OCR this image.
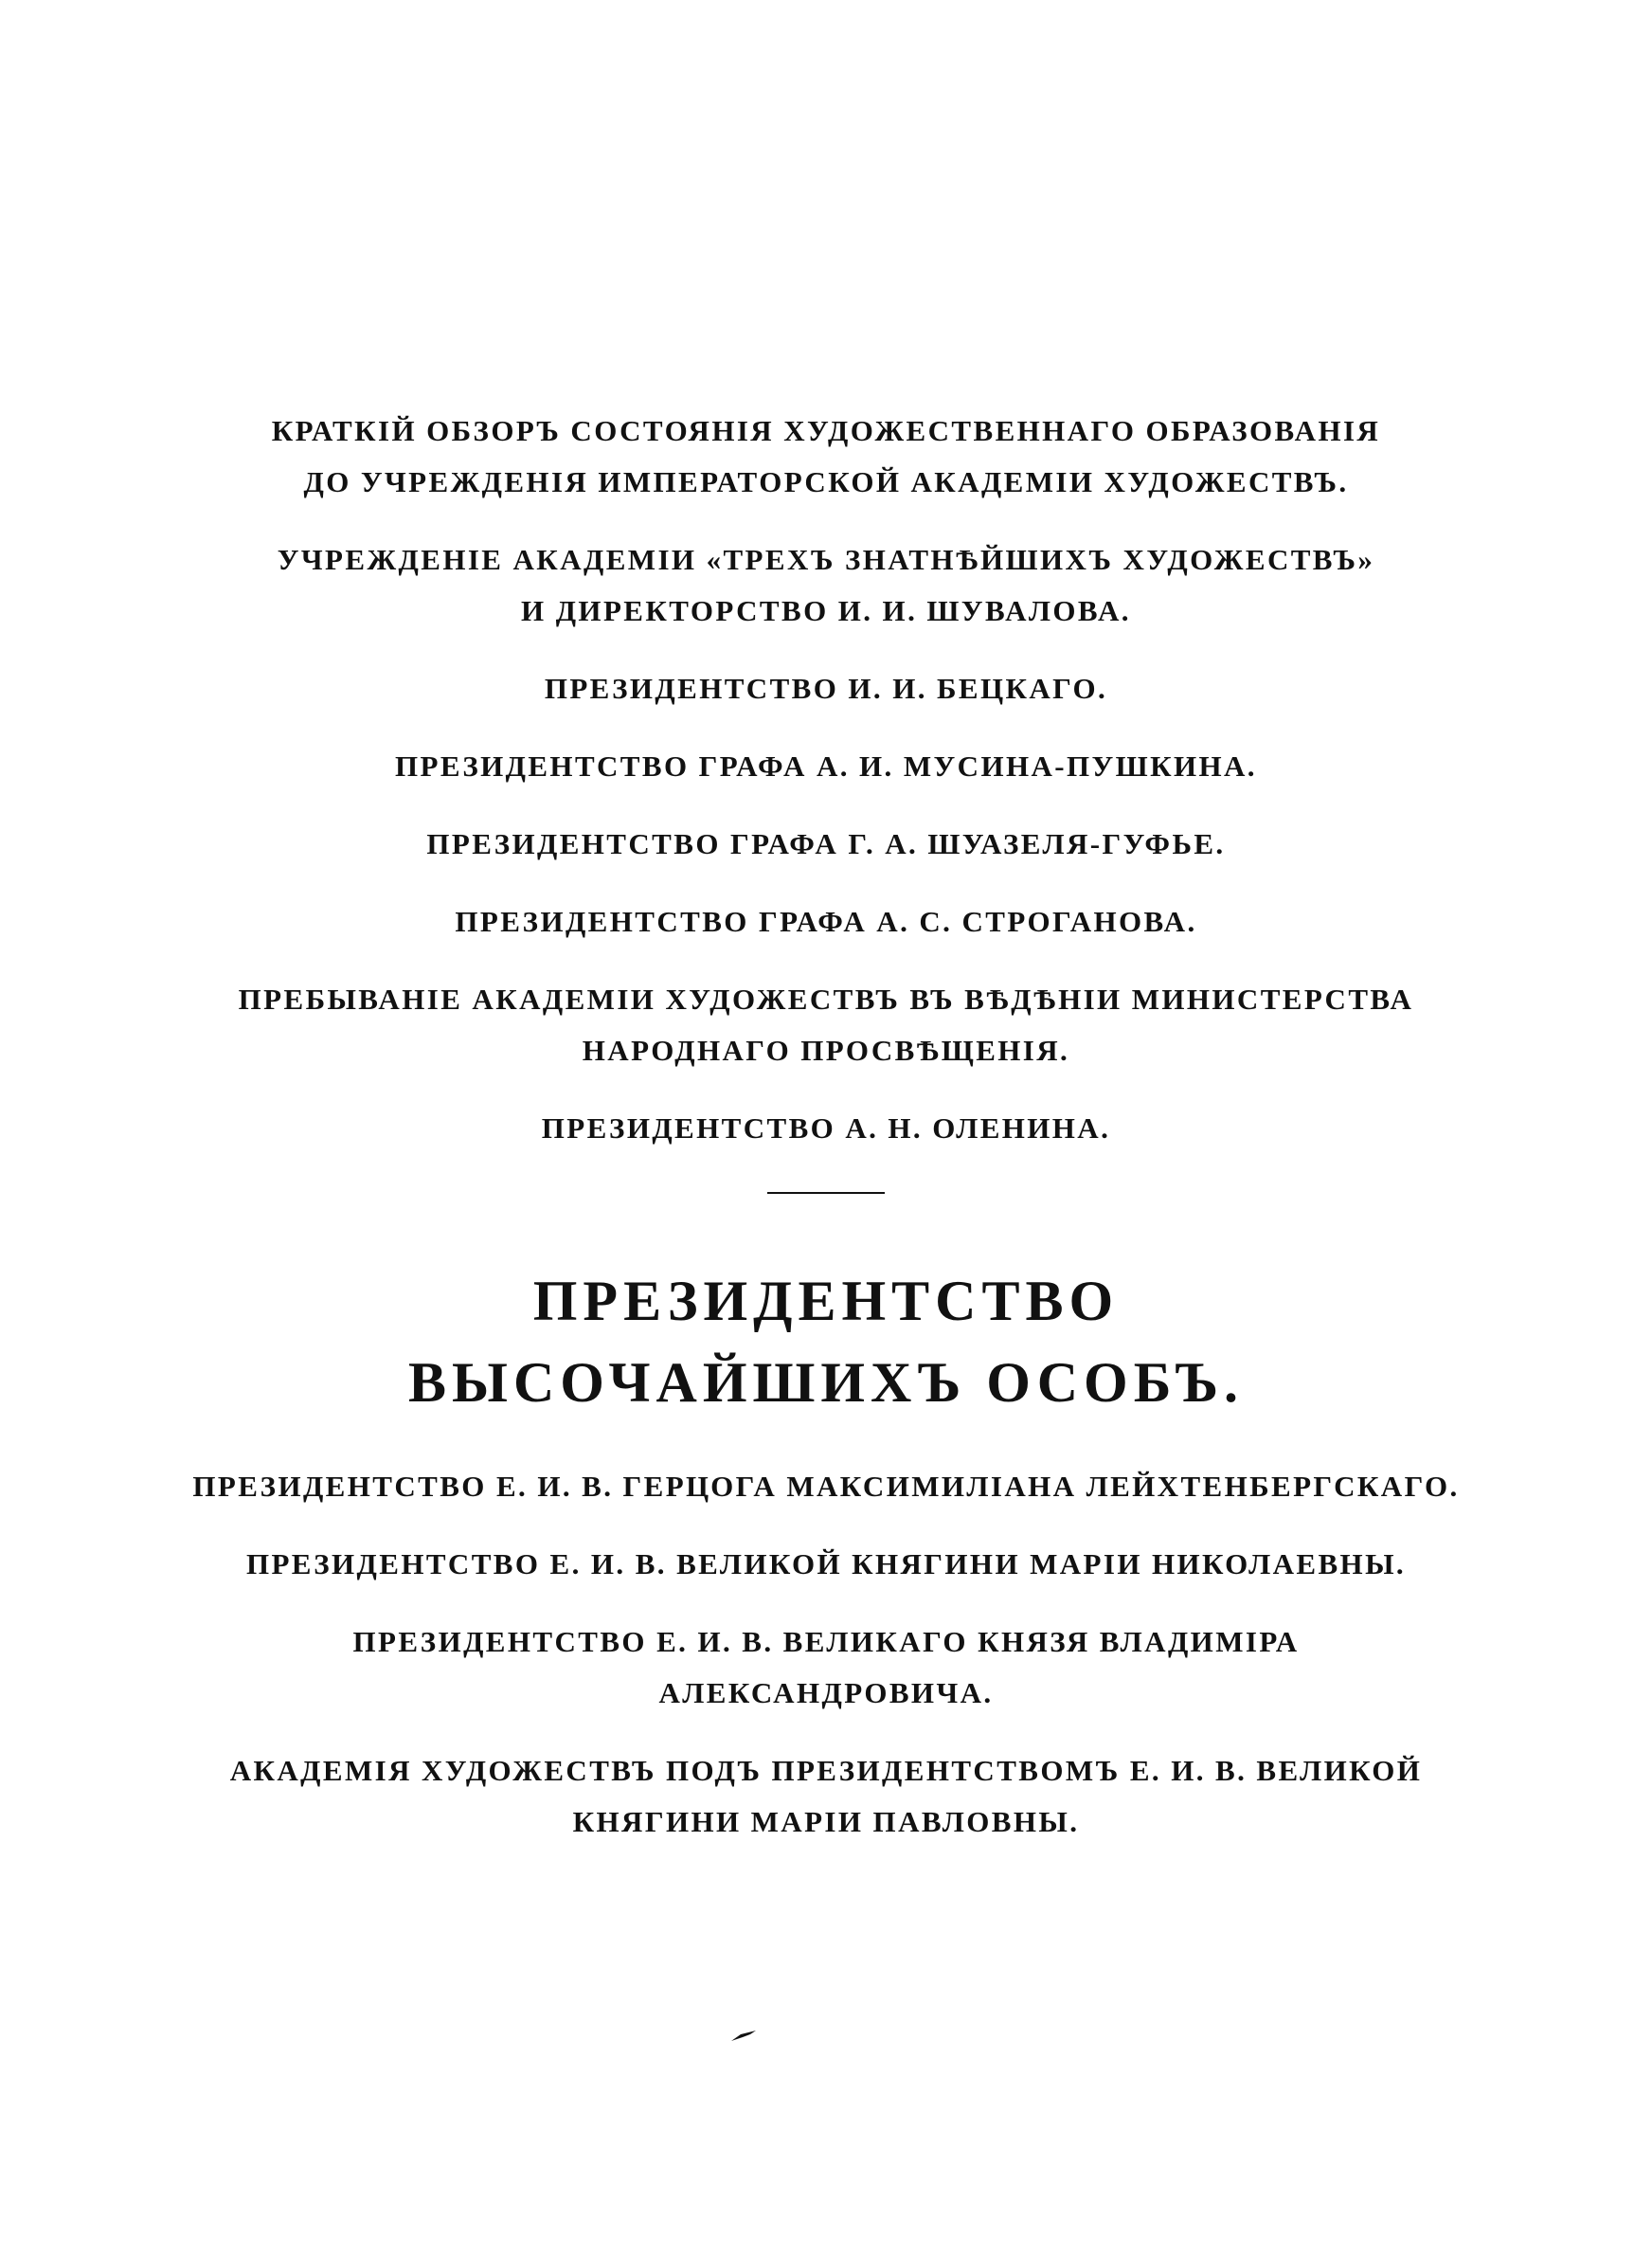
КРАТКІЙ ОБЗОРЪ СОСТОЯНІЯ ХУДОЖЕСТВЕННАГО ОБРАЗОВАНІЯ
ДО УЧРЕЖДЕНІЯ ИМПЕРАТОРСКОЙ АКАДЕМІИ ХУДОЖЕСТВЪ.
УЧРЕЖДЕНІЕ АКАДЕМІИ «ТРЕХЪ ЗНАТНѢЙШИХЪ ХУДОЖЕСТВЪ»
И ДИРЕКТОРСТВО И. И. ШУВАЛОВА.
ПРЕЗИДЕНТСТВО И. И. БЕЦКАГО.
ПРЕЗИДЕНТСТВО ГРАФА А. И. МУСИНА-ПУШКИНА.
ПРЕЗИДЕНТСТВО ГРАФА Г. А. ШУАЗЕЛЯ-ГУФЬЕ.
ПРЕЗИДЕНТСТВО ГРАФА А. С. СТРОГАНОВА.
ПРЕБЫВАНІЕ АКАДЕМІИ ХУДОЖЕСТВЪ ВЪ ВѢДѢНІИ МИНИСТЕРСТВА
НАРОДНАГО ПРОСВѢЩЕНІЯ.
ПРЕЗИДЕНТСТВО А. Н. ОЛЕНИНА.
ПРЕЗИДЕНТСТВО
ВЫСОЧАЙШИХЪ ОСОБЪ.
ПРЕЗИДЕНТСТВО Е. И. В. ГЕРЦОГА МАКСИМИЛІАНА ЛЕЙХТЕНБЕРГСКАГО.
ПРЕЗИДЕНТСТВО Е. И. В. ВЕЛИКОЙ КНЯГИНИ МАРІИ НИКОЛАЕВНЫ.
ПРЕЗИДЕНТСТВО Е. И. В. ВЕЛИКАГО КНЯЗЯ ВЛАДИМІРА
АЛЕКСАНДРОВИЧА.
АКАДЕМІЯ ХУДОЖЕСТВЪ ПОДЪ ПРЕЗИДЕНТСТВОМЪ Е. И. В. ВЕЛИКОЙ
КНЯГИНИ МАРІИ ПАВЛОВНЫ.
